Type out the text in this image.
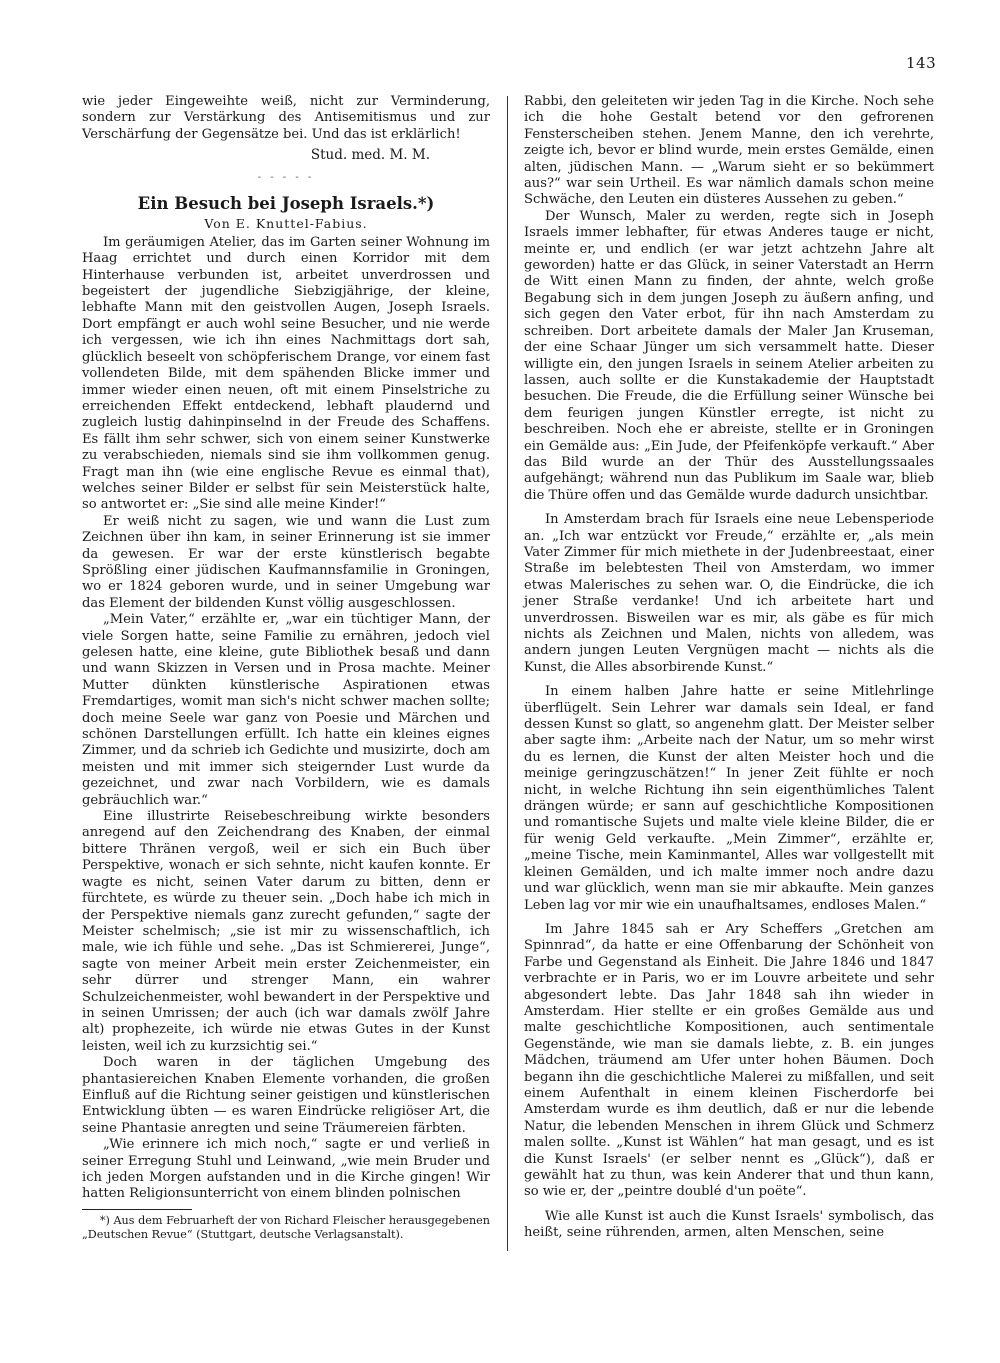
143

wie jeder Eingeweihte weiß, nicht zur Verminderung, sondern zur Verstärkung des Antisemitismus und zur Verschärfung der Gegensätze bei. Und das ist erklärlich!

Stud. med. M. M.

- - - - -

Ein Besuch bei Joseph Israels.*)

Von E. Knuttel-Fabius.

Im geräumigen Atelier, das im Garten seiner Wohnung im Haag errichtet und durch einen Korridor mit dem Hinterhause verbunden ist, arbeitet unverdrossen und begeistert der jugendliche Siebzigjährige, der kleine, lebhafte Mann mit den geistvollen Augen, Joseph Israels. Dort empfängt er auch wohl seine Besucher, und nie werde ich vergessen, wie ich ihn eines Nachmittags dort sah, glücklich beseelt von schöpferischem Drange, vor einem fast vollendeten Bilde, mit dem spähenden Blicke immer und immer wieder einen neuen, oft mit einem Pinselstriche zu erreichenden Effekt entdeckend, lebhaft plaudernd und zugleich lustig dahinpinselnd in der Freude des Schaffens. Es fällt ihm sehr schwer, sich von einem seiner Kunstwerke zu verabschieden, niemals sind sie ihm vollkommen genug. Fragt man ihn (wie eine englische Revue es einmal that), welches seiner Bilder er selbst für sein Meisterstück halte, so antwortet er: „Sie sind alle meine Kinder!“

Er weiß nicht zu sagen, wie und wann die Lust zum Zeichnen über ihn kam, in seiner Erinnerung ist sie immer da gewesen. Er war der erste künstlerisch begabte Sprößling einer jüdischen Kaufmannsfamilie in Groningen, wo er 1824 geboren wurde, und in seiner Umgebung war das Element der bildenden Kunst völlig ausgeschlossen.

„Mein Vater,“ erzählte er, „war ein tüchtiger Mann, der viele Sorgen hatte, seine Familie zu ernähren, jedoch viel gelesen hatte, eine kleine, gute Bibliothek besaß und dann und wann Skizzen in Versen und in Prosa machte. Meiner Mutter dünkten künstlerische Aspirationen etwas Fremdartiges, womit man sich's nicht schwer machen sollte; doch meine Seele war ganz von Poesie und Märchen und schönen Darstellungen erfüllt. Ich hatte ein kleines eignes Zimmer, und da schrieb ich Gedichte und musizirte, doch am meisten und mit immer sich steigernder Lust wurde da gezeichnet, und zwar nach Vorbildern, wie es damals gebräuchlich war.“

Eine illustrirte Reisebeschreibung wirkte besonders anregend auf den Zeichendrang des Knaben, der einmal bittere Thränen vergoß, weil er sich ein Buch über Perspektive, wonach er sich sehnte, nicht kaufen konnte. Er wagte es nicht, seinen Vater darum zu bitten, denn er fürchtete, es würde zu theuer sein. „Doch habe ich mich in der Perspektive niemals ganz zurecht gefunden,“ sagte der Meister schelmisch; „sie ist mir zu wissenschaftlich, ich male, wie ich fühle und sehe. „Das ist Schmiererei, Junge“, sagte von meiner Arbeit mein erster Zeichenmeister, ein sehr dürrer und strenger Mann, ein wahrer Schulzeichenmeister, wohl bewandert in der Perspektive und in seinen Umrissen; der auch (ich war damals zwölf Jahre alt) prophezeite, ich würde nie etwas Gutes in der Kunst leisten, weil ich zu kurzsichtig sei.“

Doch waren in der täglichen Umgebung des phantasiereichen Knaben Elemente vorhanden, die großen Einfluß auf die Richtung seiner geistigen und künstlerischen Entwicklung übten — es waren Eindrücke religiöser Art, die seine Phantasie anregten und seine Träumereien färbten.

„Wie erinnere ich mich noch,“ sagte er und verließ in seiner Erregung Stuhl und Leinwand, „wie mein Bruder und ich jeden Morgen aufstanden und in die Kirche gingen! Wir hatten Religionsunterricht von einem blinden polnischen

*) Aus dem Februarheft der von Richard Fleischer herausgegebenen „Deutschen Revue“ (Stuttgart, deutsche Verlagsanstalt).

Rabbi, den geleiteten wir jeden Tag in die Kirche. Noch sehe ich die hohe Gestalt betend vor den gefrorenen Fensterscheiben stehen. Jenem Manne, den ich verehrte, zeigte ich, bevor er blind wurde, mein erstes Gemälde, einen alten, jüdischen Mann. — „Warum sieht er so bekümmert aus?“ war sein Urtheil. Es war nämlich damals schon meine Schwäche, den Leuten ein düsteres Aussehen zu geben.“

Der Wunsch, Maler zu werden, regte sich in Joseph Israels immer lebhafter, für etwas Anderes tauge er nicht, meinte er, und endlich (er war jetzt achtzehn Jahre alt geworden) hatte er das Glück, in seiner Vaterstadt an Herrn de Witt einen Mann zu finden, der ahnte, welch große Begabung sich in dem jungen Joseph zu äußern anfing, und sich gegen den Vater erbot, für ihn nach Amsterdam zu schreiben. Dort arbeitete damals der Maler Jan Kruseman, der eine Schaar Jünger um sich versammelt hatte. Dieser willigte ein, den jungen Israels in seinem Atelier arbeiten zu lassen, auch sollte er die Kunstakademie der Hauptstadt besuchen. Die Freude, die die Erfüllung seiner Wünsche bei dem feurigen jungen Künstler erregte, ist nicht zu beschreiben. Noch ehe er abreiste, stellte er in Groningen ein Gemälde aus: „Ein Jude, der Pfeifenköpfe verkauft.“ Aber das Bild wurde an der Thür des Ausstellungssaales aufgehängt; während nun das Publikum im Saale war, blieb die Thüre offen und das Gemälde wurde dadurch unsichtbar.

In Amsterdam brach für Israels eine neue Lebensperiode an. „Ich war entzückt vor Freude,“ erzählte er, „als mein Vater Zimmer für mich miethete in der Judenbreestaat, einer Straße im belebtesten Theil von Amsterdam, wo immer etwas Malerisches zu sehen war. O, die Eindrücke, die ich jener Straße verdanke! Und ich arbeitete hart und unverdrossen. Bisweilen war es mir, als gäbe es für mich nichts als Zeichnen und Malen, nichts von alledem, was andern jungen Leuten Vergnügen macht — nichts als die Kunst, die Alles absorbirende Kunst.“

In einem halben Jahre hatte er seine Mitlehrlinge überflügelt. Sein Lehrer war damals sein Ideal, er fand dessen Kunst so glatt, so angenehm glatt. Der Meister selber aber sagte ihm: „Arbeite nach der Natur, um so mehr wirst du es lernen, die Kunst der alten Meister hoch und die meinige geringzuschätzen!“ In jener Zeit fühlte er noch nicht, in welche Richtung ihn sein eigenthümliches Talent drängen würde; er sann auf geschichtliche Kompositionen und romantische Sujets und malte viele kleine Bilder, die er für wenig Geld verkaufte. „Mein Zimmer“, erzählte er, „meine Tische, mein Kaminmantel, Alles war vollgestellt mit kleinen Gemälden, und ich malte immer noch andre dazu und war glücklich, wenn man sie mir abkaufte. Mein ganzes Leben lag vor mir wie ein unaufhaltsames, endloses Malen.“

Im Jahre 1845 sah er Ary Scheffers „Gretchen am Spinnrad“, da hatte er eine Offenbarung der Schönheit von Farbe und Gegenstand als Einheit. Die Jahre 1846 und 1847 verbrachte er in Paris, wo er im Louvre arbeitete und sehr abgesondert lebte. Das Jahr 1848 sah ihn wieder in Amsterdam. Hier stellte er ein großes Gemälde aus und malte geschichtliche Kompositionen, auch sentimentale Gegenstände, wie man sie damals liebte, z. B. ein junges Mädchen, träumend am Ufer unter hohen Bäumen. Doch begann ihn die geschichtliche Malerei zu mißfallen, und seit einem Aufenthalt in einem kleinen Fischerdorfe bei Amsterdam wurde es ihm deutlich, daß er nur die lebende Natur, die lebenden Menschen in ihrem Glück und Schmerz malen sollte. „Kunst ist Wählen“ hat man gesagt, und es ist die Kunst Israels' (er selber nennt es „Glück“), daß er gewählt hat zu thun, was kein Anderer that und thun kann, so wie er, der „peintre doublé d'un poëte“.

Wie alle Kunst ist auch die Kunst Israels' symbolisch, das heißt, seine rührenden, armen, alten Menschen, seine
